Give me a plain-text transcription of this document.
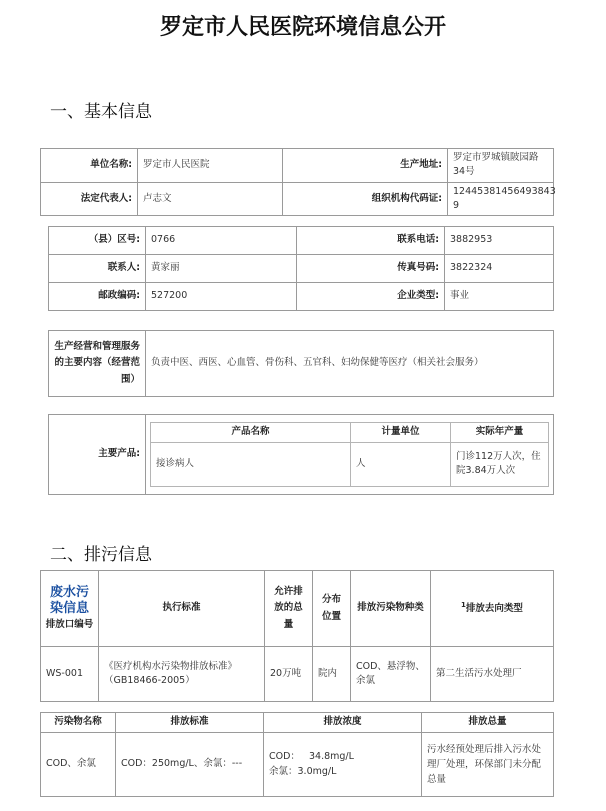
罗定市人民医院环境信息公开
一、基本信息
单位名称:	罗定市人民医院	生产地址:	罗定市罗城镇陂园路34号
法定代表人:	卢志文	组织机构代码证:	12445381456493843​9
（县）区号:	0766	联系电话:	3882953
联系人:	黄家丽	传真号码:	3822324
邮政编码:	527200	企业类型:	事业
生产经营和管理服务的主要内容（经营范围）	负责中医、西医、心血管、骨伤科、五官科、妇幼保健等医疗（相关社会服务）
主要产品:	
产品名称	计量单位	实际年产量
接诊病人	人	门诊112万人次，住院3.84万人次
二、排污信息
废水污染信息
排放口编号	执行标准	允许排放的总量	分布位置	排放污染物种类	$^1$排放去向类型
WS-001	《医疗机构水污染物排放标准》（GB18466-2005）	20万吨	院内	COD、悬浮物、余氯	第二生活污水处理厂
污染物名称	排放标准	排放浓度	排放总量
COD、余氯	COD：250mg/L、余氯：---	COD：   34.8mg/L
余氯：3.0mg/L	污水经预处理后排入污水处理厂处理，环保部门未分配总量
